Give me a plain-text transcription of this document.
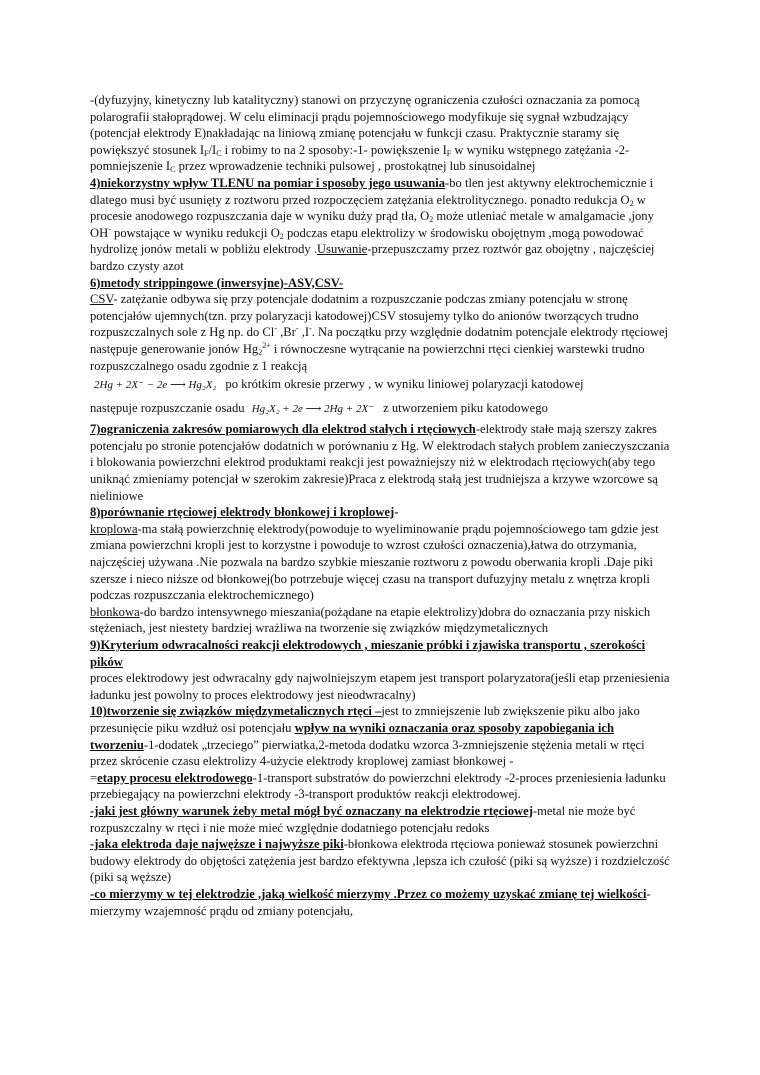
-(dyfuzyjny, kinetyczny lub katalityczny) stanowi on przyczynę ograniczenia czułości oznaczania za pomocą polarografii stałoprądowej. W celu eliminacji prądu pojemnościowego modyfikuje się sygnał wzbudzający (potencjał elektrody E)nakładając na liniową zmianę potencjału w funkcji czasu. Praktycznie staramy się powiększyć stosunek $I_F/I_C$ i robimy to na 2 sposoby:-1- powiększenie $I_F$ w wyniku wstępnego zatężania -2-pomniejszenie $I_C$ przez wprowadzenie techniki pulsowej , prostokątnej lub sinusoidalnej

4)niekorzystny wpływ TLENU na pomiar i sposoby jego usuwania-bo tlen jest aktywny elektrochemicznie i dlatego musi być usunięty z roztworu przed rozpoczęciem zatężania elektrolitycznego. ponadto redukcja $O_2$ w procesie anodowego rozpuszczania daje w wyniku duży prąd tła, $O_2$ może utleniać metale w amalgamacie ,jony OH- powstające w wyniku redukcji $O_2$ podczas etapu elektrolizy w środowisku obojętnym ,mogą powodować hydrolizę jonów metali w pobliżu elektrody .Usuwanie-przepuszczamy przez roztwór gaz obojętny , najczęściej bardzo czysty azot

6)metody strippingowe (inwersyjne)-ASV,CSV-

CSV- zatężanie odbywa się przy potencjale dodatnim a rozpuszczanie podczas zmiany potencjału w stronę potencjałów ujemnych(tzn. przy polaryzacji katodowej)CSV stosujemy tylko do anionów tworzących trudno rozpuszczalnych sole z Hg np. do Cl- ,Br- ,I-. Na początku przy względnie dodatnim potencjale elektrody rtęciowej następuje generowanie jonów $Hg_2^{2+}$ i równoczesne wytrącanie na powierzchni rtęci cienkiej warstewki trudno rozpuszczalnego osadu zgodnie z 1 reakcją
2Hg + 2X⁻ − 2e ⟶ Hg₂X₂ po krótkim okresie przerwy , w wyniku liniowej polaryzacji katodowej
następuje rozpuszczanie osadu Hg₂X₂ + 2e ⟶ 2Hg + 2X⁻ z utworzeniem piku katodowego

7)ograniczenia zakresów pomiarowych dla elektrod stałych i rtęciowych-elektrody stałe mają szerszy zakres potencjału po stronie potencjałów dodatnich w porównaniu z Hg. W elektrodach stałych problem zanieczyszczania i blokowania powierzchni elektrod produktami reakcji jest poważniejszy niż w elektrodach rtęciowych(aby tego uniknąć zmieniamy potencjał w szerokim zakresie)Praca z elektrodą stałą jest trudniejsza a krzywe wzorcowe są nieliniowe

8)porównanie rtęciowej elektrody błonkowej i kroplowej-

kroplowa-ma stałą powierzchnię elektrody(powoduje to wyeliminowanie prądu pojemnościowego tam gdzie jest zmiana powierzchni kropli jest to korzystne i powoduje to wzrost czułości oznaczenia),łatwa do otrzymania, najczęściej używana .Nie pozwala na bardzo szybkie mieszanie roztworu z powodu oberwania kropli .Daje piki szersze i nieco niższe od błonkowej(bo potrzebuje więcej czasu na transport dufuzyjny metalu z wnętrza kropli podczas rozpuszczania elektrochemicznego)

błonkowa-do bardzo intensywnego mieszania(pożądane na etapie elektrolizy)dobra do oznaczania przy niskich stężeniach, jest niestety bardziej wrażliwa na tworzenie się związków międzymetalicznych

9)Kryterium odwracalności reakcji elektrodowych , mieszanie próbki i zjawiska transportu , szerokości pików

proces elektrodowy jest odwracalny gdy najwolniejszym etapem jest transport polaryzatora(jeśli etap przeniesienia ładunku jest powolny to proces elektrodowy jest nieodwracalny)

10)tworzenie się związków międzymetalicznych rtęci –jest to zmniejszenie lub zwiększenie piku albo jako przesunięcie piku wzdłuż osi potencjału wpływ na wyniki oznaczania oraz sposoby zapobiegania ich tworzeniu-1-dodatek „trzeciego” pierwiatka,2-metoda dodatku wzorca 3-zmniejszenie stężenia metali w rtęci przez skrócenie czasu elektrolizy 4-użycie elektrody kroplowej zamiast błonkowej -

=etapy procesu elektrodowego-1-transport substratów do powierzchni elektrody -2-proces przeniesienia ładunku przebiegający na powierzchni elektrody -3-transport produktów reakcji elektrodowej.

-jaki jest główny warunek żeby metal mógł być oznaczany na elektrodzie rtęciowej-metal nie może być rozpuszczalny w rtęci i nie może mieć względnie dodatniego potencjału redoks

-jaka elektroda daje najwęższe i najwyższe piki-błonkowa elektroda rtęciowa ponieważ stosunek powierzchni budowy elektrody do objętości zatężenia jest bardzo efektywna ,lepsza ich czułość (piki są wyższe) i rozdzielczość (piki są węższe)

-co mierzymy w tej elektrodzie ,jaką wielkość mierzymy .Przez co możemy uzyskać zmianę tej wielkości-mierzymy wzajemność prądu od zmiany potencjału,
